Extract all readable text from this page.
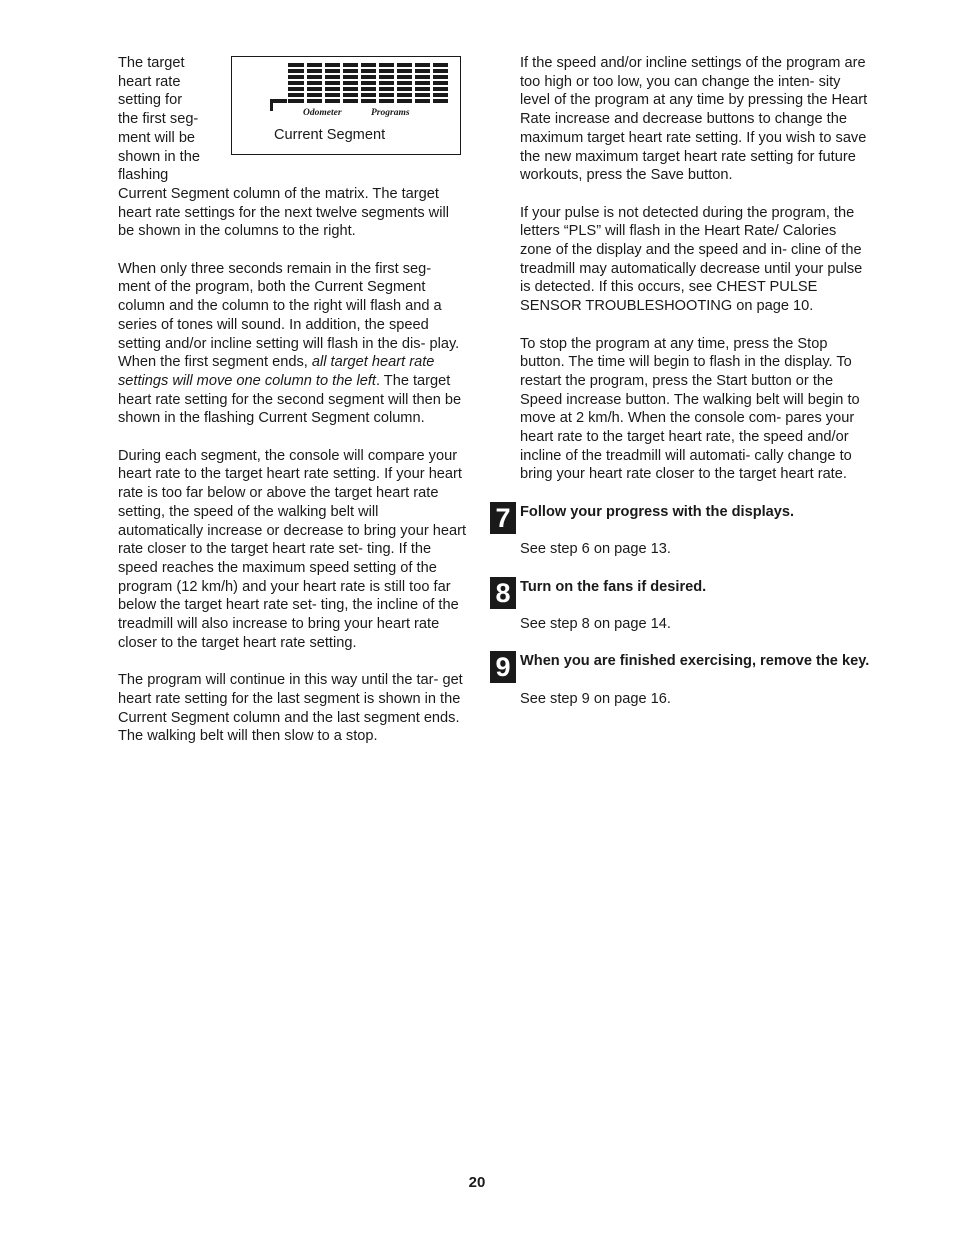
The target
heart rate
setting for
the first seg-
ment will be
shown in the
flashing

Current Segment column of the matrix. The target heart rate settings for the next twelve segments will be shown in the columns to the right.

Odometer	Programs
Current Segment

When only three seconds remain in the first seg- ment of the program, both the Current Segment column and the column to the right will flash and a series of tones will sound. In addition, the speed setting and/or incline setting will flash in the dis- play. When the first segment ends, all target heart rate settings will move one column to the left. The target heart rate setting for the second segment will then be shown in the flashing Current Segment column.

During each segment, the console will compare your heart rate to the target heart rate setting. If your heart rate is too far below or above the target heart rate setting, the speed of the walking belt will automatically increase or decrease to bring your heart rate closer to the target heart rate set- ting. If the speed reaches the maximum speed setting of the program (12 km/h) and your heart rate is still too far below the target heart rate set- ting, the incline of the treadmill will also increase to bring your heart rate closer to the target heart rate setting.

The program will continue in this way until the tar- get heart rate setting for the last segment is shown in the Current Segment column and the last segment ends. The walking belt will then slow to a stop.

If the speed and/or incline settings of the program are too high or too low, you can change the inten- sity level of the program at any time by pressing the Heart Rate increase and decrease buttons to change the maximum target heart rate setting. If you wish to save the new maximum target heart rate setting for future workouts, press the Save button.

If your pulse is not detected during the program, the letters “PLS” will flash in the Heart Rate/ Calories zone of the display and the speed and in- cline of the treadmill may automatically decrease until your pulse is detected. If this occurs, see CHEST PULSE SENSOR TROUBLESHOOTING on page 10.

To stop the program at any time, press the Stop button. The time will begin to flash in the display. To restart the program, press the Start button or the Speed increase button. The walking belt will begin to move at 2 km/h. When the console com- pares your heart rate to the target heart rate, the speed and/or incline of the treadmill will automati- cally change to bring your heart rate closer to the target heart rate.

7 Follow your progress with the displays.

See step 6 on page 13.

8 Turn on the fans if desired.

See step 8 on page 14.

9 When you are finished exercising, remove the key.

See step 9 on page 16.

20
